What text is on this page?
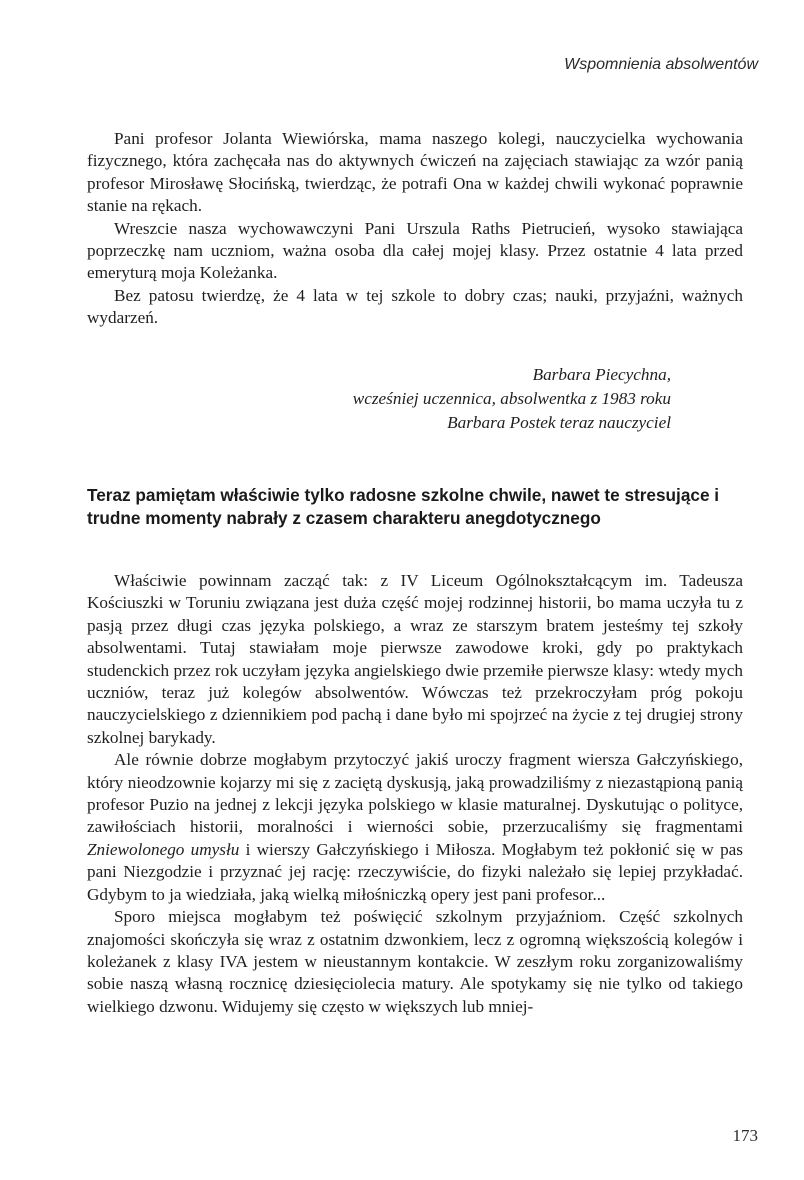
Wspomnienia absolwentów

Pani profesor Jolanta Wiewiórska, mama naszego kolegi, nauczycielka wychowania fizycznego, która zachęcała nas do aktywnych ćwiczeń na zajęciach stawiając za wzór panią profesor Mirosławę Słocińską, twierdząc, że potrafi Ona w każdej chwili wykonać poprawnie stanie na rękach.

Wreszcie nasza wychowawczyni Pani Urszula Raths Pietrucień, wysoko stawiająca poprzeczkę nam uczniom, ważna osoba dla całej mojej klasy. Przez ostatnie 4 lata przed emeryturą moja Koleżanka.

Bez patosu twierdzę, że 4 lata w tej szkole to dobry czas; nauki, przyjaźni, ważnych wydarzeń.

Barbara Piecychna,
wcześniej uczennica, absolwentka z 1983 roku
Barbara Postek teraz nauczyciel
Teraz pamiętam właściwie tylko radosne szkolne chwile, nawet te stresujące i trudne momenty nabrały z czasem charakteru anegdotycznego

Właściwie powinnam zacząć tak: z IV Liceum Ogólnokształcącym im. Tadeusza Kościuszki w Toruniu związana jest duża część mojej rodzinnej historii, bo mama uczyła tu z pasją przez długi czas języka polskiego, a wraz ze starszym bratem jesteśmy tej szkoły absolwentami. Tutaj stawiałam moje pierwsze zawodowe kroki, gdy po praktykach studenckich przez rok uczyłam języka angielskiego dwie przemiłe pierwsze klasy: wtedy mych uczniów, teraz już kolegów absolwentów. Wówczas też przekroczyłam próg pokoju nauczycielskiego z dziennikiem pod pachą i dane było mi spojrzeć na życie z tej drugiej strony szkolnej barykady.

Ale równie dobrze mogłabym przytoczyć jakiś uroczy fragment wiersza Gałczyńskiego, który nieodzownie kojarzy mi się z zaciętą dyskusją, jaką prowadziliśmy z niezastąpioną panią profesor Puzio na jednej z lekcji języka polskiego w klasie maturalnej. Dyskutując o polityce, zawiłościach historii, moralności i wierności sobie, przerzucaliśmy się fragmentami Zniewolonego umysłu i wierszy Gałczyńskiego i Miłosza. Mogłabym też pokłonić się w pas pani Niezgodzie i przyznać jej rację: rzeczywiście, do fizyki należało się lepiej przykładać. Gdybym to ja wiedziała, jaką wielką miłośniczką opery jest pani profesor...

Sporo miejsca mogłabym też poświęcić szkolnym przyjaźniom. Część szkolnych znajomości skończyła się wraz z ostatnim dzwonkiem, lecz z ogromną większością kolegów i koleżanek z klasy IVA jestem w nieustannym kontakcie. W zeszłym roku zorganizowaliśmy sobie naszą własną rocznicę dziesięciolecia matury. Ale spotykamy się nie tylko od takiego wielkiego dzwonu. Widujemy się często w większych lub mniej-

173
